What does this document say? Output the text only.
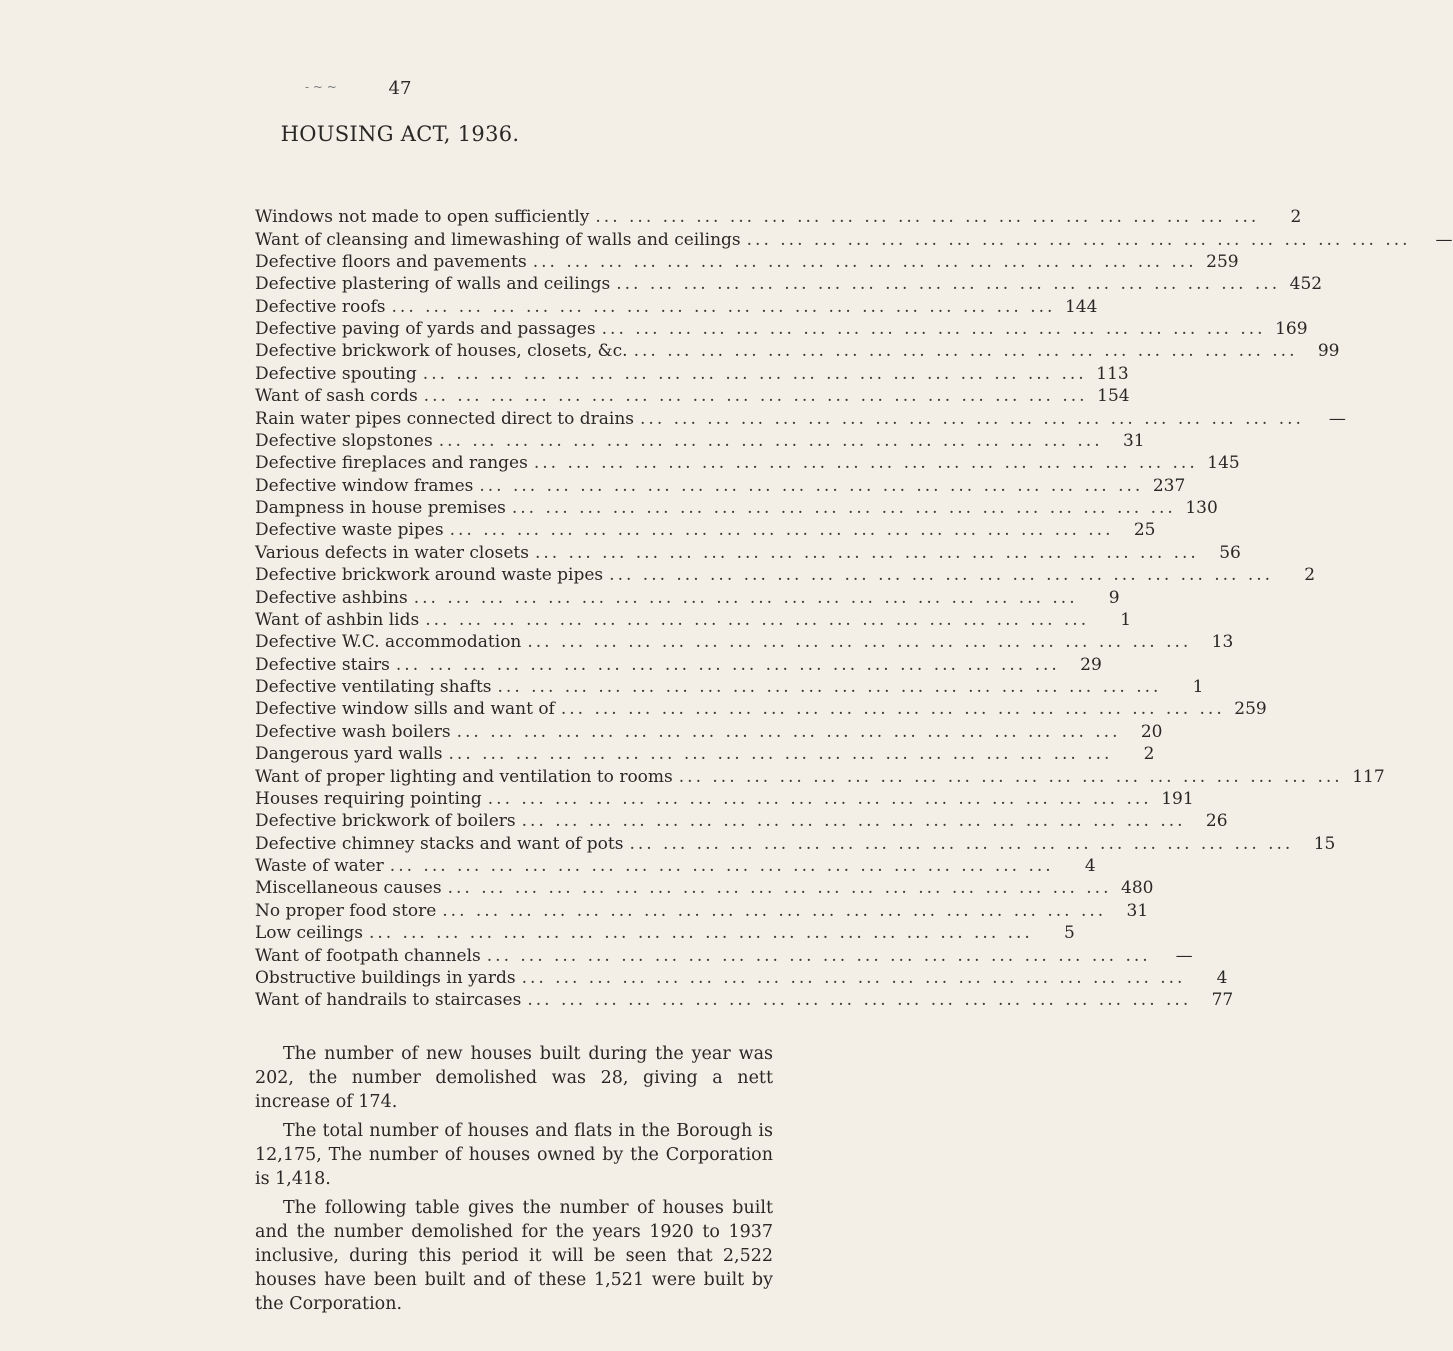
- ~ ~	47
HOUSING ACT, 1936.
Windows not made to open sufficiently ... ... ... ... ... ... ... ... ... ... ... ... ... ... ... ... ... ... ... ...	2
Want of cleansing and limewashing of walls and ceilings ... ... ... ... ... ... ... ... ... ... ... ... ... ... ... ... ... ... ... ...	—
Defective floors and pavements ... ... ... ... ... ... ... ... ... ... ... ... ... ... ... ... ... ... ... ... 259
Defective plastering of walls and ceilings ... ... ... ... ... ... ... ... ... ... ... ... ... ... ... ... ... ... ... ... 452
Defective roofs ... ... ... ... ... ... ... ... ... ... ... ... ... ... ... ... ... ... ... ... 144
Defective paving of yards and passages ... ... ... ... ... ... ... ... ... ... ... ... ... ... ... ... ... ... ... ... 169
Defective brickwork of houses, closets, &c. ... ... ... ... ... ... ... ... ... ... ... ... ... ... ... ... ... ... ... ...	99
Defective spouting ... ... ... ... ... ... ... ... ... ... ... ... ... ... ... ... ... ... ... ... 113
Want of sash cords ... ... ... ... ... ... ... ... ... ... ... ... ... ... ... ... ... ... ... ... 154
Rain water pipes connected direct to drains ... ... ... ... ... ... ... ... ... ... ... ... ... ... ... ... ... ... ... ...	—
Defective slopstones ... ... ... ... ... ... ... ... ... ... ... ... ... ... ... ... ... ... ... ...	31
Defective fireplaces and ranges ... ... ... ... ... ... ... ... ... ... ... ... ... ... ... ... ... ... ... ... 145
Defective window frames ... ... ... ... ... ... ... ... ... ... ... ... ... ... ... ... ... ... ... ... 237
Dampness in house premises ... ... ... ... ... ... ... ... ... ... ... ... ... ... ... ... ... ... ... ... 130
Defective waste pipes ... ... ... ... ... ... ... ... ... ... ... ... ... ... ... ... ... ... ... ...	25
Various defects in water closets ... ... ... ... ... ... ... ... ... ... ... ... ... ... ... ... ... ... ... ...	56
Defective brickwork around waste pipes ... ... ... ... ... ... ... ... ... ... ... ... ... ... ... ... ... ... ... ...	2
Defective ashbins ... ... ... ... ... ... ... ... ... ... ... ... ... ... ... ... ... ... ... ...	9
Want of ashbin lids ... ... ... ... ... ... ... ... ... ... ... ... ... ... ... ... ... ... ... ...	1
Defective W.C. accommodation ... ... ... ... ... ... ... ... ... ... ... ... ... ... ... ... ... ... ... ...	13
Defective stairs ... ... ... ... ... ... ... ... ... ... ... ... ... ... ... ... ... ... ... ...	29
Defective ventilating shafts ... ... ... ... ... ... ... ... ... ... ... ... ... ... ... ... ... ... ... ...	1
Defective window sills and want of ... ... ... ... ... ... ... ... ... ... ... ... ... ... ... ... ... ... ... ... 259
Defective wash boilers ... ... ... ... ... ... ... ... ... ... ... ... ... ... ... ... ... ... ... ...	20
Dangerous yard walls ... ... ... ... ... ... ... ... ... ... ... ... ... ... ... ... ... ... ... ...	2
Want of proper lighting and ventilation to rooms ... ... ... ... ... ... ... ... ... ... ... ... ... ... ... ... ... ... ... ... 117
Houses requiring pointing ... ... ... ... ... ... ... ... ... ... ... ... ... ... ... ... ... ... ... ... 191
Defective brickwork of boilers ... ... ... ... ... ... ... ... ... ... ... ... ... ... ... ... ... ... ... ...	26
Defective chimney stacks and want of pots ... ... ... ... ... ... ... ... ... ... ... ... ... ... ... ... ... ... ... ...	15
Waste of water ... ... ... ... ... ... ... ... ... ... ... ... ... ... ... ... ... ... ... ...	4
Miscellaneous causes ... ... ... ... ... ... ... ... ... ... ... ... ... ... ... ... ... ... ... ... 480
No proper food store ... ... ... ... ... ... ... ... ... ... ... ... ... ... ... ... ... ... ... ...	31
Low ceilings ... ... ... ... ... ... ... ... ... ... ... ... ... ... ... ... ... ... ... ...	5
Want of footpath channels ... ... ... ... ... ... ... ... ... ... ... ... ... ... ... ... ... ... ... ...	—
Obstructive buildings in yards ... ... ... ... ... ... ... ... ... ... ... ... ... ... ... ... ... ... ... ...	4
Want of handrails to staircases ... ... ... ... ... ... ... ... ... ... ... ... ... ... ... ... ... ... ... ...	77

The number of new houses built during the year was 202, the number demolished was 28, giving a nett increase of 174.

The total number of houses and flats in the Borough is 12,175, The number of houses owned by the Corporation is 1,418.

The following table gives the number of houses built and the number demolished for the years 1920 to 1937 inclusive, during this period it will be seen that 2,522 houses have been built and of these 1,521 were built by the Corporation.
